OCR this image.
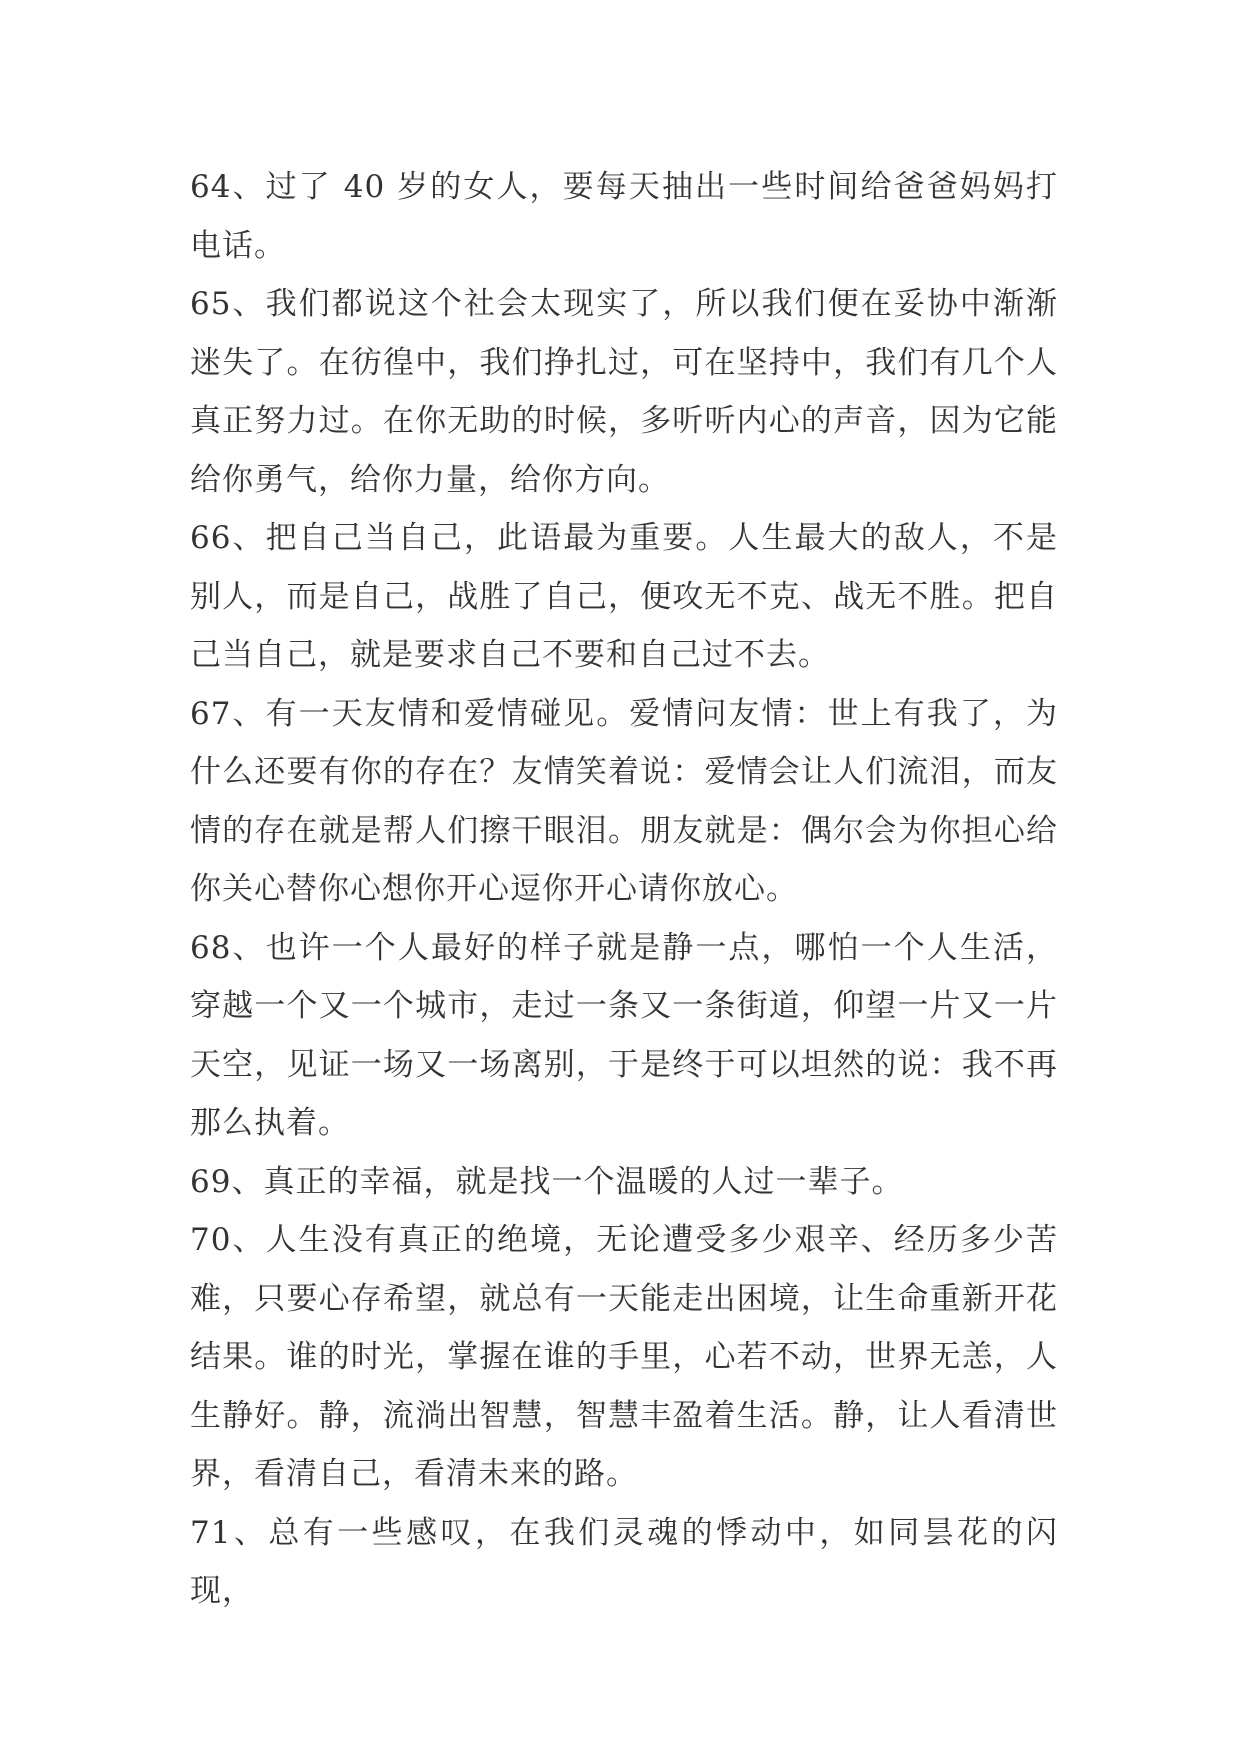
64、过了 40 岁的女人，要每天抽出一些时间给爸爸妈妈打电话。

65、我们都说这个社会太现实了，所以我们便在妥协中渐渐迷失了。在彷徨中，我们挣扎过，可在坚持中，我们有几个人真正努力过。在你无助的时候，多听听内心的声音，因为它能给你勇气，给你力量，给你方向。

66、把自己当自己，此语最为重要。人生最大的敌人，不是别人，而是自己，战胜了自己，便攻无不克、战无不胜。把自己当自己，就是要求自己不要和自己过不去。

67、有一天友情和爱情碰见。爱情问友情：世上有我了，为什么还要有你的存在？友情笑着说：爱情会让人们流泪，而友情的存在就是帮人们擦干眼泪。朋友就是：偶尔会为你担心给你关心替你心想你开心逗你开心请你放心。

68、也许一个人最好的样子就是静一点，哪怕一个人生活，穿越一个又一个城市，走过一条又一条街道，仰望一片又一片天空，见证一场又一场离别，于是终于可以坦然的说：我不再那么执着。

69、真正的幸福，就是找一个温暖的人过一辈子。

70、人生没有真正的绝境，无论遭受多少艰辛、经历多少苦难，只要心存希望，就总有一天能走出困境，让生命重新开花结果。谁的时光，掌握在谁的手里，心若不动，世界无恙，人生静好。静，流淌出智慧，智慧丰盈着生活。静，让人看清世界，看清自己，看清未来的路。

71、总有一些感叹，在我们灵魂的悸动中，如同昙花的闪现，
